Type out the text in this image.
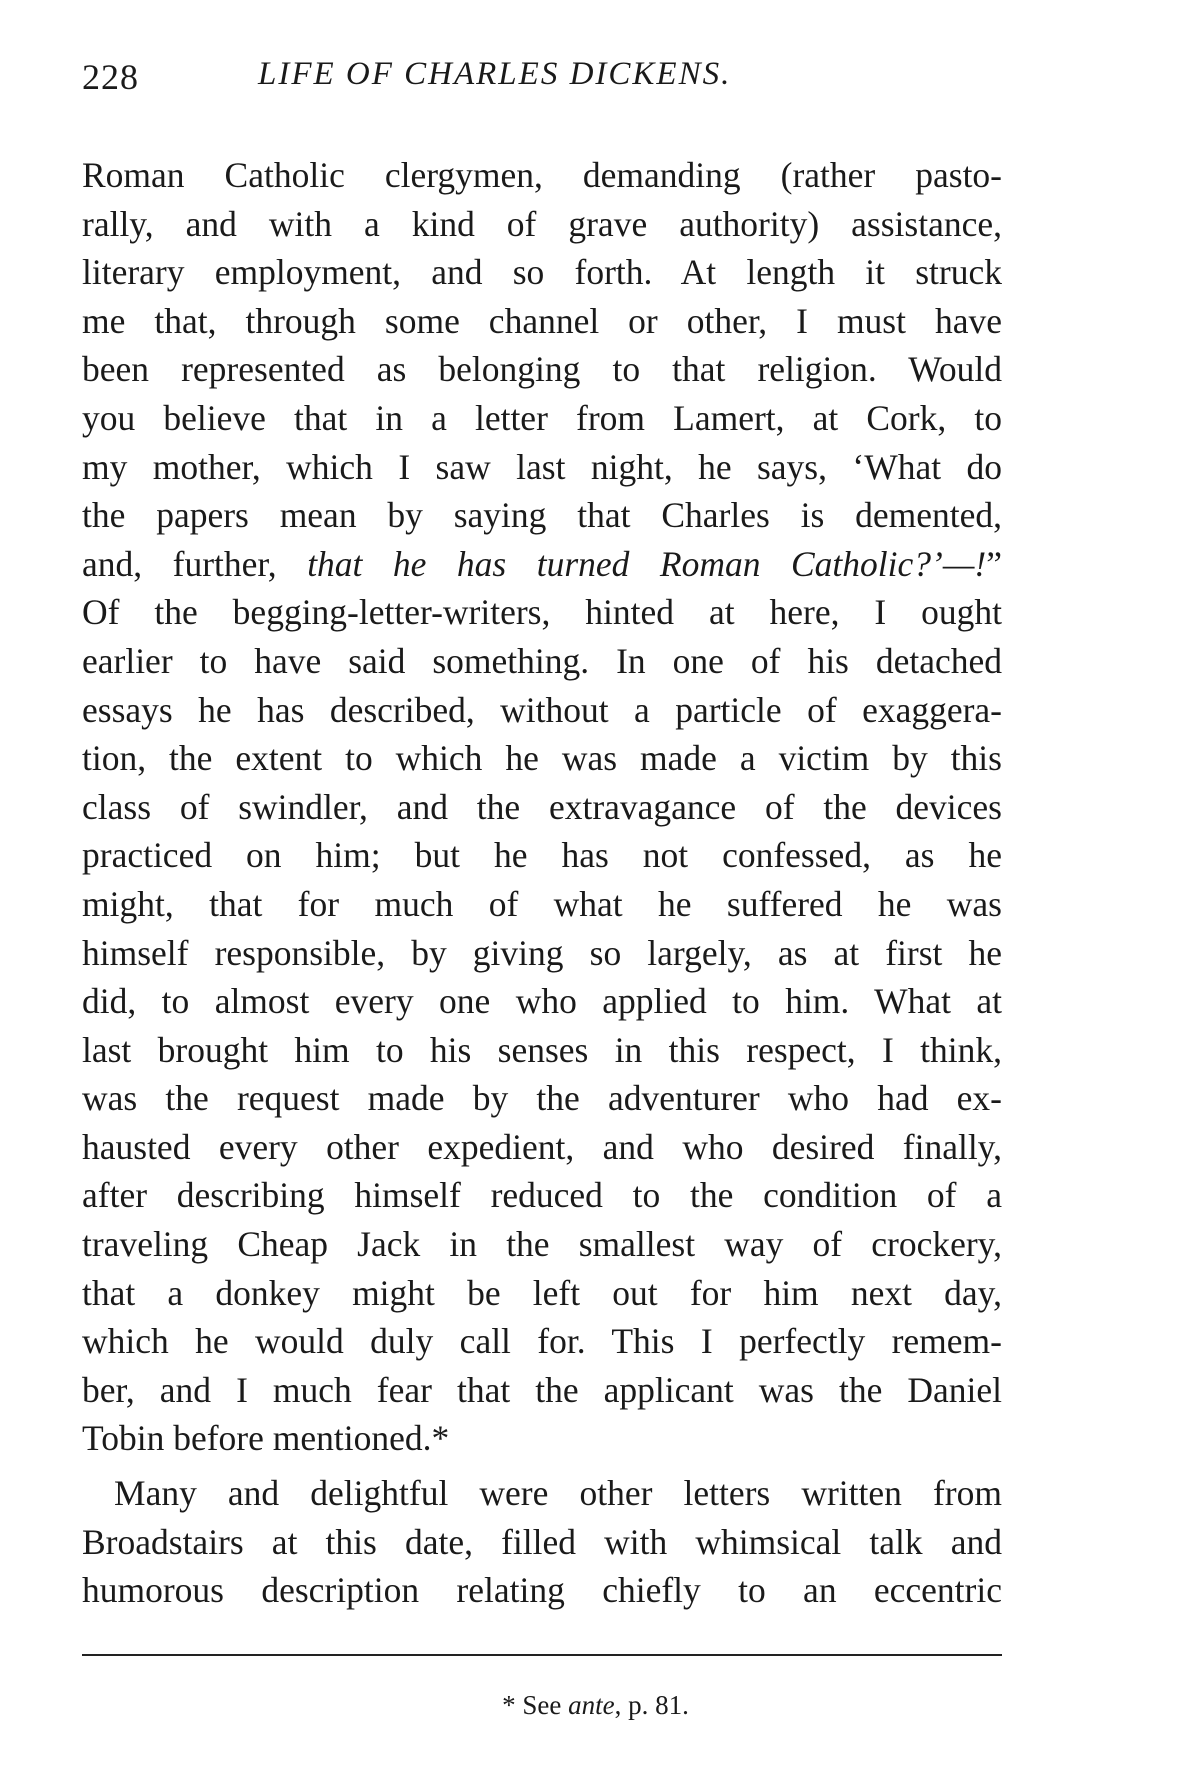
228	LIFE OF CHARLES DICKENS.
Roman Catholic clergymen, demanding (rather pasto-
rally, and with a kind of grave authority) assistance,
literary employment, and so forth. At length it struck
me that, through some channel or other, I must have
been represented as belonging to that religion. Would
you believe that in a letter from Lamert, at Cork, to
my mother, which I saw last night, he says, ‘What do
the papers mean by saying that Charles is demented,
and, further, that he has turned Roman Catholic?’—!”
Of the begging-letter-writers, hinted at here, I ought
earlier to have said something. In one of his detached
essays he has described, without a particle of exaggera-
tion, the extent to which he was made a victim by this
class of swindler, and the extravagance of the devices
practiced on him; but he has not confessed, as he
might, that for much of what he suffered he was
himself responsible, by giving so largely, as at first he
did, to almost every one who applied to him. What at
last brought him to his senses in this respect, I think,
was the request made by the adventurer who had ex-
hausted every other expedient, and who desired finally,
after describing himself reduced to the condition of a
traveling Cheap Jack in the smallest way of crockery,
that a donkey might be left out for him next day,
which he would duly call for. This I perfectly remem-
ber, and I much fear that the applicant was the Daniel
Tobin before mentioned.*
Many and delightful were other letters written from
Broadstairs at this date, filled with whimsical talk and
humorous description relating chiefly to an eccentric
* See ante, p. 81.
